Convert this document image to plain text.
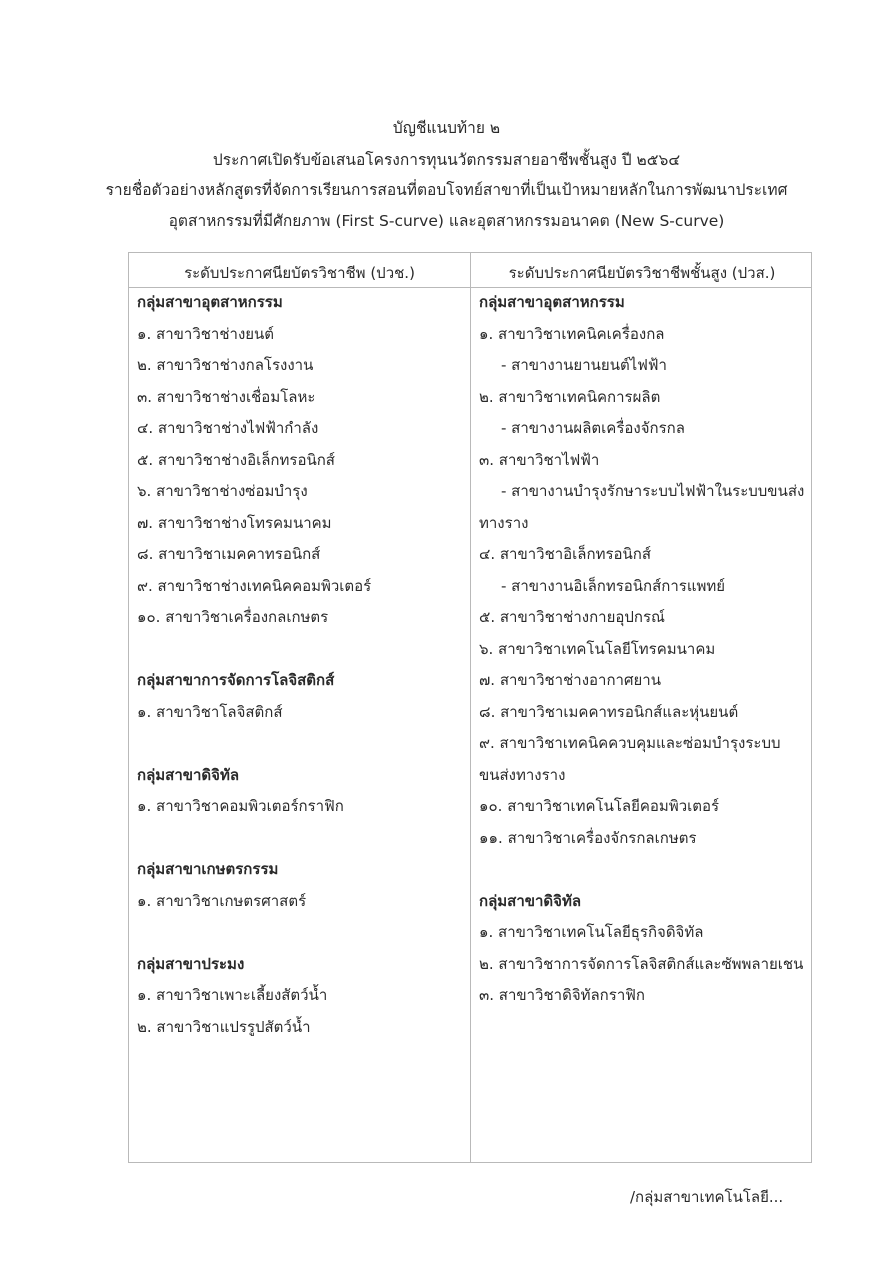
บัญชีแนบท้าย ๒
ประกาศเปิดรับข้อเสนอโครงการทุนนวัตกรรมสายอาชีพชั้นสูง ปี ๒๕๖๔
รายชื่อตัวอย่างหลักสูตรที่จัดการเรียนการสอนที่ตอบโจทย์สาขาที่เป็นเป้าหมายหลักในการพัฒนาประเทศ
อุตสาหกรรมที่มีศักยภาพ (First S-curve) และอุตสาหกรรมอนาคต (New S-curve)
ระดับประกาศนียบัตรวิชาชีพ (ปวช.)	ระดับประกาศนียบัตรวิชาชีพชั้นสูง (ปวส.)
กลุ่มสาขาอุตสาหกรรม
๑. สาขาวิชาช่างยนต์
๒. สาขาวิชาช่างกลโรงงาน
๓. สาขาวิชาช่างเชื่อมโลหะ
๔. สาขาวิชาช่างไฟฟ้ากำลัง
๕. สาขาวิชาช่างอิเล็กทรอนิกส์
๖. สาขาวิชาช่างซ่อมบำรุง
๗. สาขาวิชาช่างโทรคมนาคม
๘. สาขาวิชาเมคคาทรอนิกส์
๙. สาขาวิชาช่างเทคนิคคอมพิวเตอร์
๑๐. สาขาวิชาเครื่องกลเกษตร
กลุ่มสาขาการจัดการโลจิสติกส์
๑. สาขาวิชาโลจิสติกส์
กลุ่มสาขาดิจิทัล
๑. สาขาวิชาคอมพิวเตอร์กราฟิก
กลุ่มสาขาเกษตรกรรม
๑. สาขาวิชาเกษตรศาสตร์
กลุ่มสาขาประมง
๑. สาขาวิชาเพาะเลี้ยงสัตว์น้ำ
๒. สาขาวิชาแปรรูปสัตว์น้ำ
กลุ่มสาขาอุตสาหกรรม
๑. สาขาวิชาเทคนิคเครื่องกล
- สาขางานยานยนต์ไฟฟ้า
๒. สาขาวิชาเทคนิคการผลิต
- สาขางานผลิตเครื่องจักรกล
๓. สาขาวิชาไฟฟ้า
- สาขางานบำรุงรักษาระบบไฟฟ้าในระบบขนส่ง
ทางราง
๔. สาขาวิชาอิเล็กทรอนิกส์
- สาขางานอิเล็กทรอนิกส์การแพทย์
๕. สาขาวิชาช่างกายอุปกรณ์
๖. สาขาวิชาเทคโนโลยีโทรคมนาคม
๗. สาขาวิชาช่างอากาศยาน
๘. สาขาวิชาเมคคาทรอนิกส์และหุ่นยนต์
๙. สาขาวิชาเทคนิคควบคุมและซ่อมบำรุงระบบ
ขนส่งทางราง
๑๐. สาขาวิชาเทคโนโลยีคอมพิวเตอร์
๑๑. สาขาวิชาเครื่องจักรกลเกษตร
กลุ่มสาขาดิจิทัล
๑. สาขาวิชาเทคโนโลยีธุรกิจดิจิทัล
๒. สาขาวิชาการจัดการโลจิสติกส์และซัพพลายเชน
๓. สาขาวิชาดิจิทัลกราฟิก
/กลุ่มสาขาเทคโนโลยี...
